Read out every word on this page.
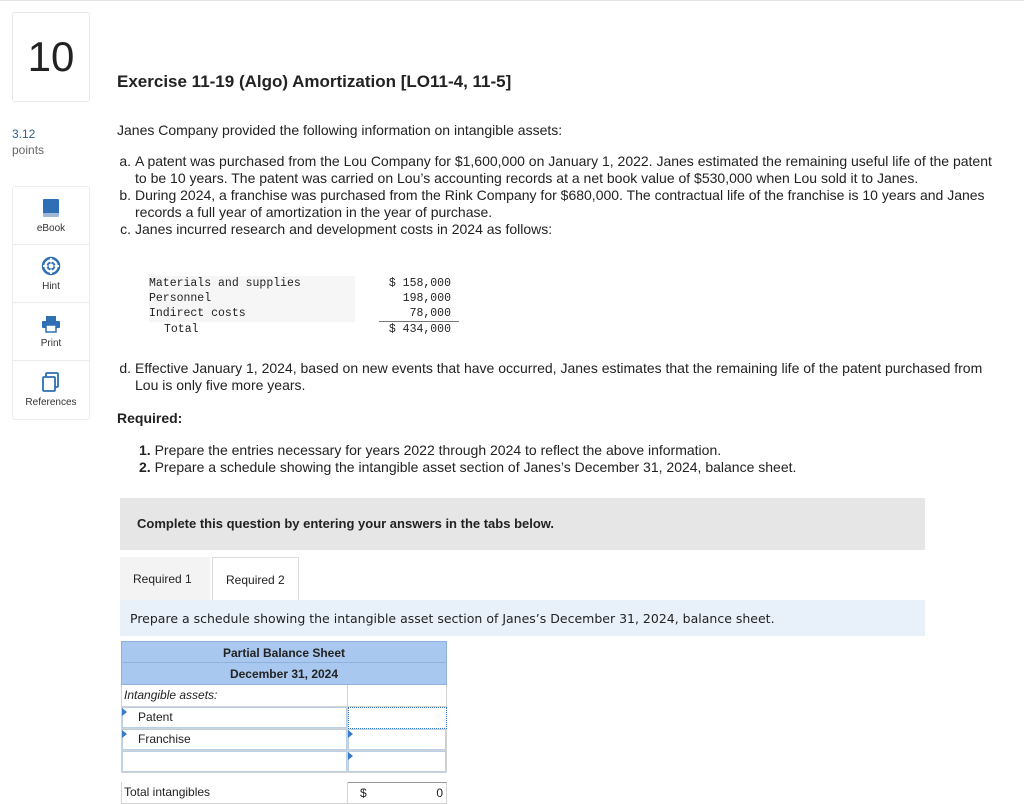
10
3.12
points
eBook
Hint
Print
References
Exercise 11-19 (Algo) Amortization [LO11-4, 11-5]
Janes Company provided the following information on intangible assets:
a. A patent was purchased from the Lou Company for $1,600,000 on January 1, 2022. Janes estimated the remaining useful life of the patent to be 10 years. The patent was carried on Lou’s accounting records at a net book value of $530,000 when Lou sold it to Janes.
b. During 2024, a franchise was purchased from the Rink Company for $680,000. The contractual life of the franchise is 10 years and Janes records a full year of amortization in the year of purchase.
c. Janes incurred research and development costs in 2024 as follows:
Materials and supplies		$ 158,000
Personnel		198,000
Indirect costs		78,000
Total		$ 434,000
d. Effective January 1, 2024, based on new events that have occurred, Janes estimates that the remaining life of the patent purchased from Lou is only five more years.
Required:
1. Prepare the entries necessary for years 2022 through 2024 to reflect the above information.
2. Prepare a schedule showing the intangible asset section of Janes’s December 31, 2024, balance sheet.
Complete this question by entering your answers in the tabs below.
Required 1	Required 2
Prepare a schedule showing the intangible asset section of Janes’s December 31, 2024, balance sheet.
Partial Balance Sheet
December 31, 2024
Intangible assets:
Patent
Franchise
Total intangibles	$	0
